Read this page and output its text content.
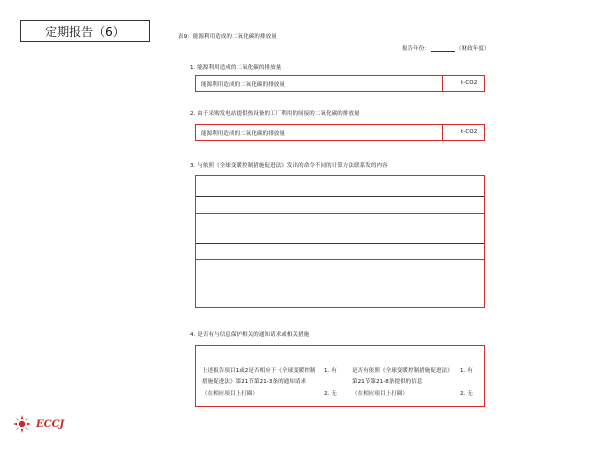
定期报告（6）	表9：能源利用造成的二氧化碳的排放量
报告年份：	（财政年度）
1. 能源利用造成的二氧化碳的排放量
能源利用造成的二氧化碳的排放量	t-CO2
2. 由于采购发电站提供热设备的工厂利用的间接的二氧化碳的排放量
能源利用造成的二氧化碳的排放量	t-CO2
3. 与依照《全球变暖控制措施促进法》发出的命令不同的计算方法联系发的内容
4. 是否有与信息保护相关的通知请求或相关措施
上述报告项目1或2是否相应于《全球变暖控制
措施促进法》第21节第21-3条的通知请求
（在相应项目上打圈）
1. 有
2. 无
是否有依照《全球变暖控制措施促进法》
第21节第21-8条提供的信息
（在相应项目上打圈）
1. 有
2. 无
ECCJ
